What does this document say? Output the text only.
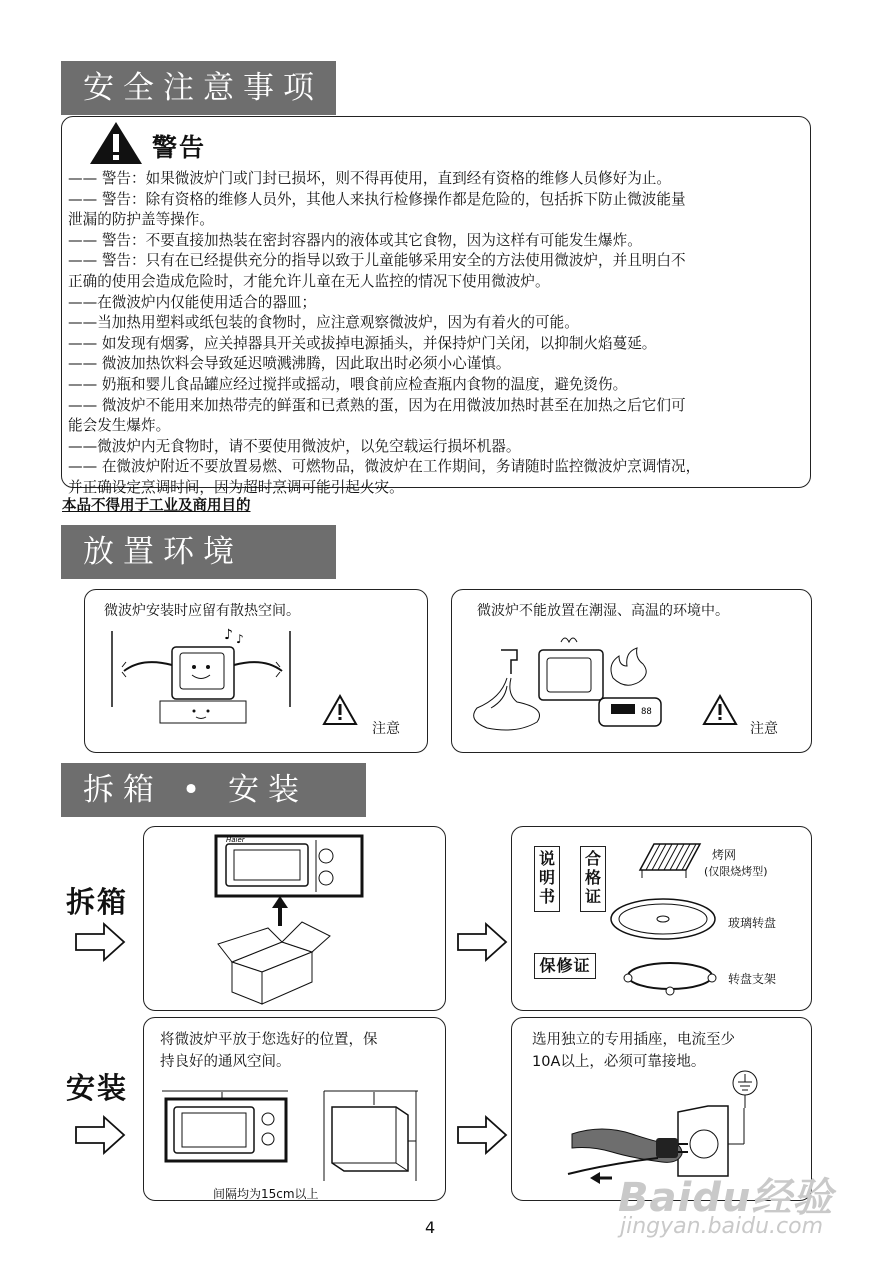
安全注意事项
警告
—— 警告：如果微波炉门或门封已损坏，则不得再使用，直到经有资格的维修人员修好为止。
—— 警告：除有资格的维修人员外，其他人来执行检修操作都是危险的，包括拆下防止微波能量
泄漏的防护盖等操作。
—— 警告：不要直接加热装在密封容器内的液体或其它食物，因为这样有可能发生爆炸。
—— 警告：只有在已经提供充分的指导以致于儿童能够采用安全的方法使用微波炉，并且明白不
正确的使用会造成危险时，才能允许儿童在无人监控的情况下使用微波炉。
——在微波炉内仅能使用适合的器皿；
——当加热用塑料或纸包装的食物时，应注意观察微波炉，因为有着火的可能。
—— 如发现有烟雾，应关掉器具开关或拔掉电源插头，并保持炉门关闭，以抑制火焰蔓延。
—— 微波加热饮料会导致延迟喷溅沸腾，因此取出时必须小心谨慎。
—— 奶瓶和婴儿食品罐应经过搅拌或摇动，喂食前应检查瓶内食物的温度，避免烫伤。
—— 微波炉不能用来加热带壳的鲜蛋和已煮熟的蛋，因为在用微波加热时甚至在加热之后它们可
能会发生爆炸。
——微波炉内无食物时，请不要使用微波炉，以免空载运行损坏机器。
—— 在微波炉附近不要放置易燃、可燃物品，微波炉在工作期间，务请随时监控微波炉烹调情况，
并正确设定烹调时间，因为超时烹调可能引起火灾。
本品不得用于工业及商用目的
放置环境
微波炉安装时应留有散热空间。
♪ ♪
注意
微波炉不能放置在潮湿、高温的环境中。
88
注意
拆箱 • 安装
拆箱
安装
Haier
说明书
合格证
保修证
烤网
(仅限烧烤型)
玻璃转盘
转盘支架
将微波炉平放于您选好的位置，保
持良好的通风空间。
间隔均为15cm以上
选用独立的专用插座，电流至少
10A以上，必须可靠接地。
4
Baidu经验
jingyan.baidu.com
